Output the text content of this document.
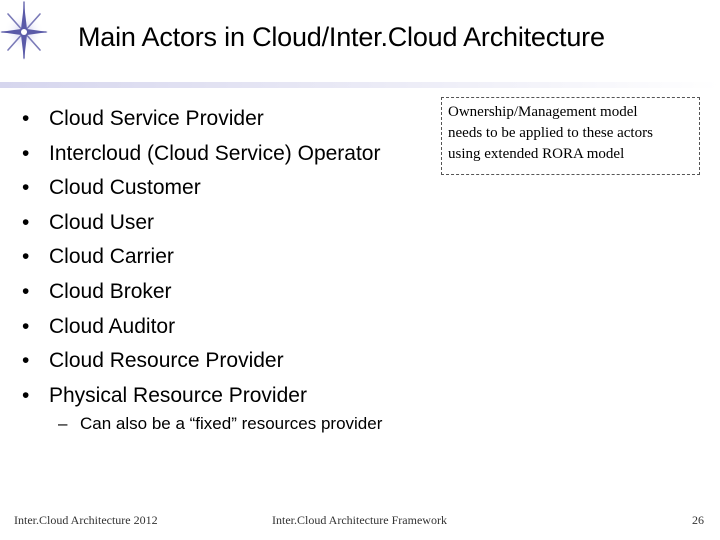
Main Actors in Cloud/Inter.Cloud Architecture
• Cloud Service Provider
• Intercloud (Cloud Service) Operator
• Cloud Customer
• Cloud User
• Cloud Carrier
• Cloud Broker
• Cloud Auditor
• Cloud Resource Provider
• Physical Resource Provider
– Can also be a “fixed” resources provider
Ownership/Management model
needs to be applied to these actors
using extended RORA model
Inter.Cloud Architecture 2012	Inter.Cloud Architecture Framework	26
